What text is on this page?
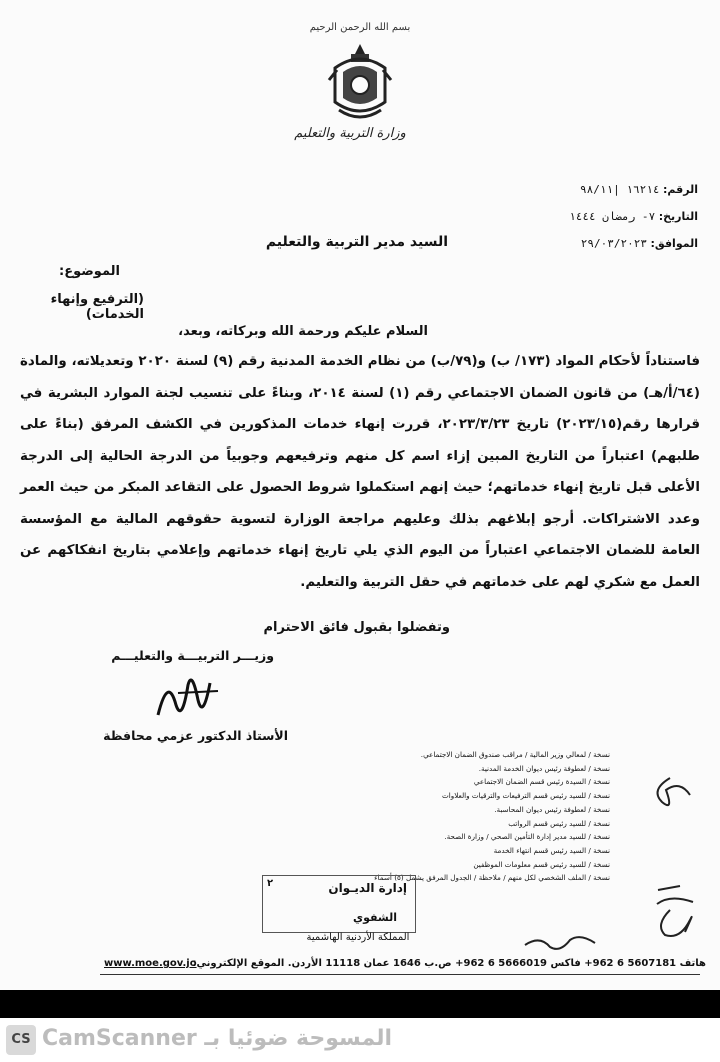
بسم الله الرحمن الرحيم
وزارة التربية والتعليم
الرقم: ١٦٢١٤ |٩٨/١١
التاريخ: ٧- رمضان ١٤٤٤
الموافق: ٢٩/٠٣/٢٠٢٣
السيد مدير التربية والتعليم
الموضوع:
(الترفيع وإنهاء الخدمات)
السلام عليكم ورحمة الله وبركاته، وبعد،
فاستناداً لأحكام المواد (١٧٣/ ب) و(٧٩/ب) من نظام الخدمة المدنية رقم (٩) لسنة ٢٠٢٠ وتعديلاته، والمادة (٦٤/أ/هـ) من قانون الضمان الاجتماعي رقم (١) لسنة ٢٠١٤، وبناءً على تنسيب لجنة الموارد البشرية في قرارها رقم(٢٠٢٣/١٥) تاريخ ٢٠٢٣/٣/٢٣، قررت إنهاء خدمات المذكورين في الكشف المرفق (بناءً على طلبهم) اعتباراً من التاريخ المبين إزاء اسم كل منهم وترفيعهم وجوبياً من الدرجة الحالية إلى الدرجة الأعلى قبل تاريخ إنهاء خدماتهم؛ حيث إنهم استكملوا شروط الحصول على التقاعد المبكر من حيث العمر وعدد الاشتراكات. أرجو إبلاغهم بذلك وعليهم مراجعة الوزارة لتسوية حقوقهم المالية مع المؤسسة العامة للضمان الاجتماعي اعتباراً من اليوم الذي يلي تاريخ إنهاء خدماتهم وإعلامي بتاريخ انفكاكهم عن العمل مع شكري لهم على خدماتهم في حقل التربية والتعليم.
وتفضلوا بقبول فائق الاحترام
وزيـــر التربيـــة والتعليـــم
الأستاذ الدكتور عزمي محافظة
نسخة / لمعالي وزير المالية / مراقب صندوق الضمان الاجتماعي.
نسخة / لعطوفة رئيس ديوان الخدمة المدنية.
نسخة / السيدة رئيس قسم الضمان الاجتماعي
نسخة / للسيد رئيس قسم الترفيعات والترقيات والعلاوات
نسخة / لعطوفة رئيس ديوان المحاسبة.
نسخة / للسيد رئيس قسم الرواتب
نسخة / للسيد مدير إدارة التأمين الصحي / وزارة الصحة.
نسخة / السيد رئيس قسم انتهاء الخدمة
نسخة / للسيد رئيس قسم معلومات الموظفين
نسخة / الملف الشخصي لكل منهم / ملاحظة / الجدول المرفق يشمل (٥) أسماء
٢	إدارة الديـوان
الشفوي
المملكة الأردنية الهاشمية
www.moe.gov.jo
هاتف 5607181 6 962+ فاكس 5666019 6 962+ ص.ب 1646 عمان 11118 الأردن. الموقع الإلكتروني:
CS المسوحة ضوئيا بـ CamScanner
